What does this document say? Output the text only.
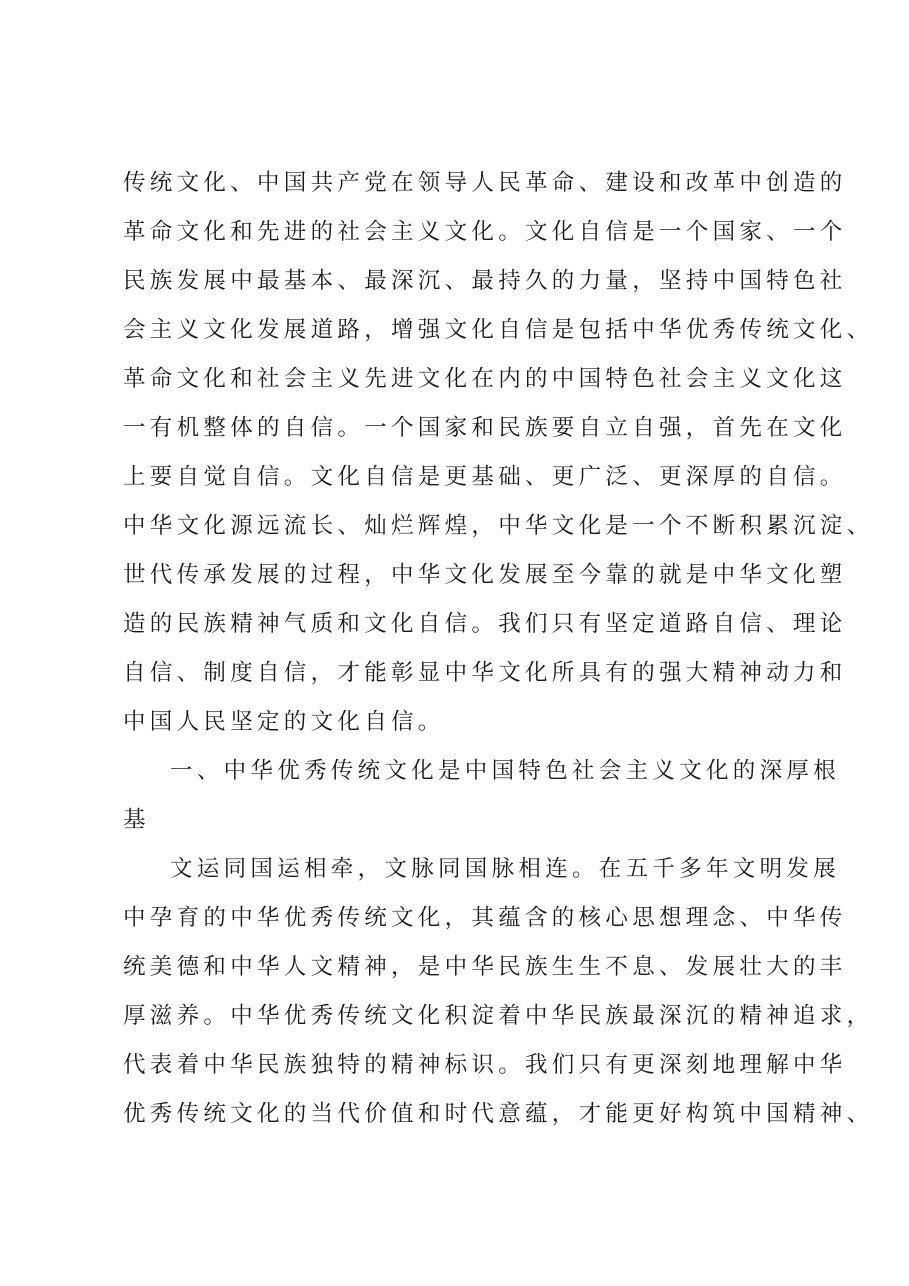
传统文化、中国共产党在领导人民革命、建设和改革中创造的
革命文化和先进的社会主义文化。文化自信是一个国家、一个
民族发展中最基本、最深沉、最持久的力量，坚持中国特色社
会主义文化发展道路，增强文化自信是包括中华优秀传统文化、
革命文化和社会主义先进文化在内的中国特色社会主义文化这
一有机整体的自信。一个国家和民族要自立自强，首先在文化
上要自觉自信。文化自信是更基础、更广泛、更深厚的自信。
中华文化源远流长、灿烂辉煌，中华文化是一个不断积累沉淀、
世代传承发展的过程，中华文化发展至今靠的就是中华文化塑
造的民族精神气质和文化自信。我们只有坚定道路自信、理论
自信、制度自信，才能彰显中华文化所具有的强大精神动力和
中国人民坚定的文化自信。
一、中华优秀传统文化是中国特色社会主义文化的深厚根
基
文运同国运相牵，文脉同国脉相连。在五千多年文明发展
中孕育的中华优秀传统文化，其蕴含的核心思想理念、中华传
统美德和中华人文精神，是中华民族生生不息、发展壮大的丰
厚滋养。中华优秀传统文化积淀着中华民族最深沉的精神追求，
代表着中华民族独特的精神标识。我们只有更深刻地理解中华
优秀传统文化的当代价值和时代意蕴，才能更好构筑中国精神、
